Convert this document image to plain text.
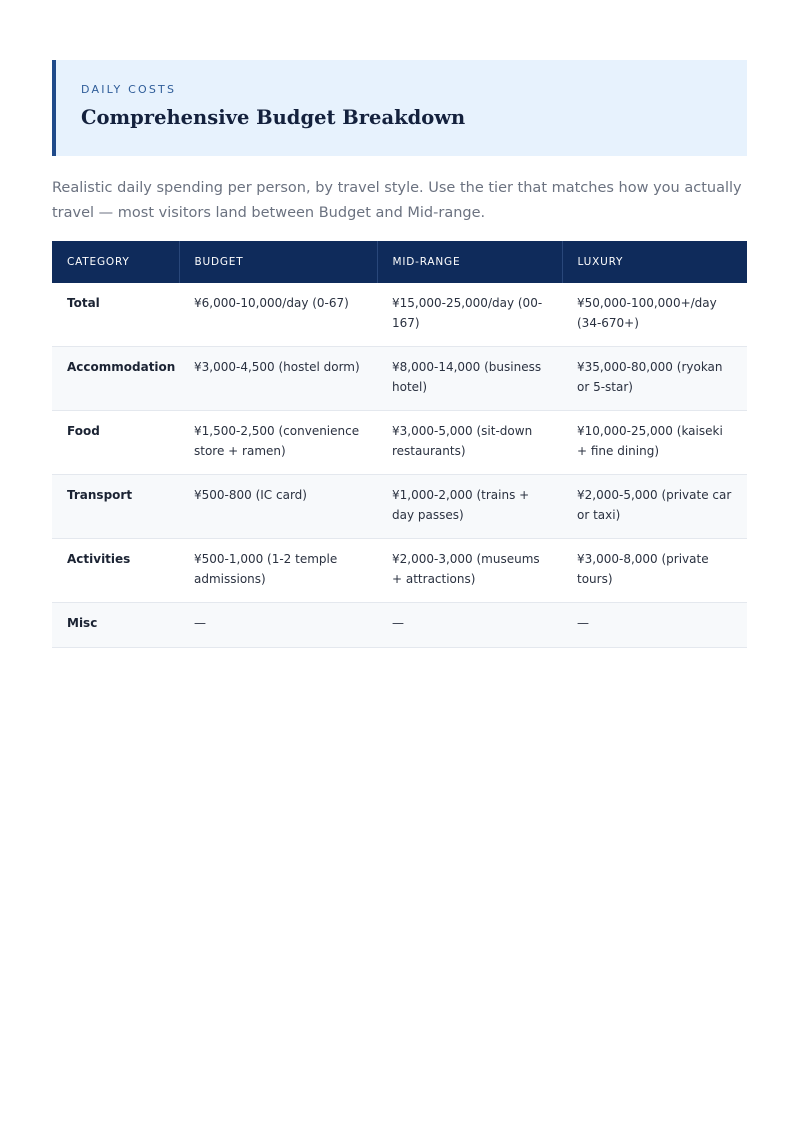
DAILY COSTS
Comprehensive Budget Breakdown
Realistic daily spending per person, by travel style. Use the tier that matches how you actually travel — most visitors land between Budget and Mid-range.
CATEGORY	BUDGET	MID-RANGE	LUXURY
Total	¥6,000-10,000/day (0-67)	¥15,000-25,000/day (00-167)	¥50,000-100,000+/day (34-670+)
Accommodation	¥3,000-4,500 (hostel dorm)	¥8,000-14,000 (business hotel)	¥35,000-80,000 (ryokan or 5-star)
Food	¥1,500-2,500 (convenience store + ramen)	¥3,000-5,000 (sit-down restaurants)	¥10,000-25,000 (kaiseki + fine dining)
Transport	¥500-800 (IC card)	¥1,000-2,000 (trains + day passes)	¥2,000-5,000 (private car or taxi)
Activities	¥500-1,000 (1-2 temple admissions)	¥2,000-3,000 (museums + attractions)	¥3,000-8,000 (private tours)
Misc	—	—	—
